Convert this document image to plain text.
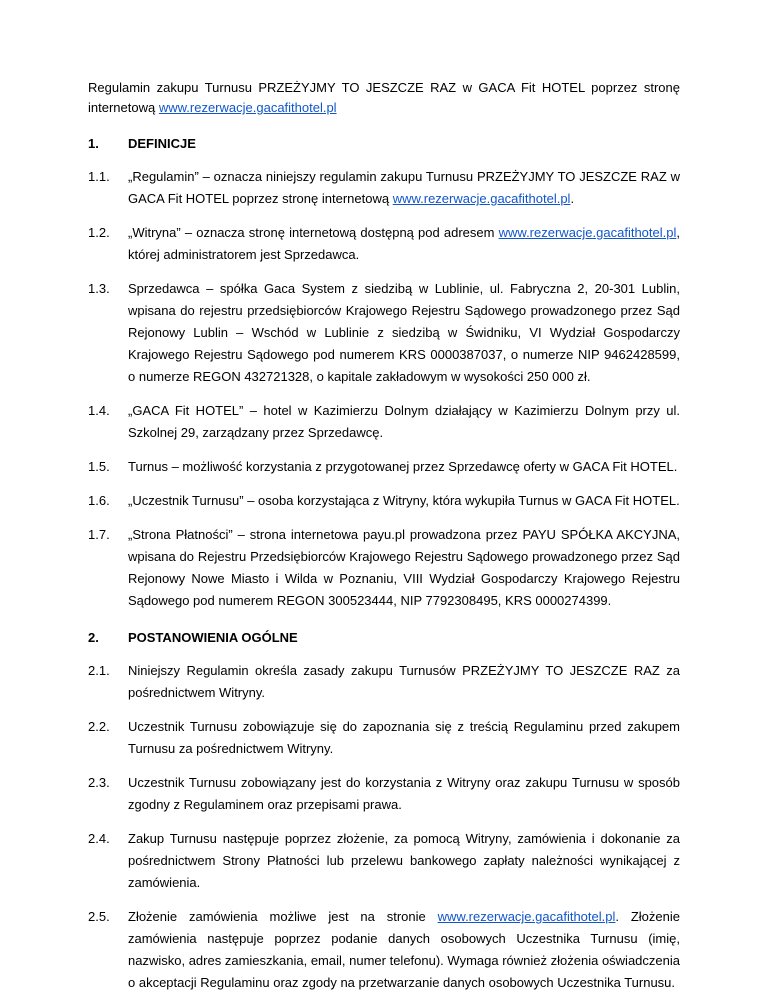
Regulamin zakupu Turnusu PRZEŻYJMY TO JESZCZE RAZ w GACA Fit HOTEL poprzez stronę internetową www.rezerwacje.gacafithotel.pl

1.	DEFINICJE
1.1.	„Regulamin” – oznacza niniejszy regulamin zakupu Turnusu PRZEŻYJMY TO JESZCZE RAZ w GACA Fit HOTEL poprzez stronę internetową www.rezerwacje.gacafithotel.pl.
1.2.	„Witryna” – oznacza stronę internetową dostępną pod adresem www.rezerwacje.gacafithotel.pl, której administratorem jest Sprzedawca.
1.3.	Sprzedawca – spółka Gaca System z siedzibą w Lublinie, ul. Fabryczna 2, 20-301 Lublin, wpisana do rejestru przedsiębiorców Krajowego Rejestru Sądowego prowadzonego przez Sąd Rejonowy Lublin – Wschód w Lublinie z siedzibą w Świdniku, VI Wydział Gospodarczy Krajowego Rejestru Sądowego pod numerem KRS 0000387037, o numerze NIP 9462428599, o numerze REGON 432721328, o kapitale zakładowym w wysokości 250 000 zł.
1.4.	„GACA Fit HOTEL” – hotel w Kazimierzu Dolnym działający w Kazimierzu Dolnym przy ul. Szkolnej 29, zarządzany przez Sprzedawcę.
1.5.	Turnus – możliwość korzystania z przygotowanej przez Sprzedawcę oferty w GACA Fit HOTEL.
1.6.	„Uczestnik Turnusu” – osoba korzystająca z Witryny, która wykupiła Turnus w GACA Fit HOTEL.
1.7.	„Strona Płatności” – strona internetowa payu.pl prowadzona przez PAYU SPÓŁKA AKCYJNA, wpisana do Rejestru Przedsiębiorców Krajowego Rejestru Sądowego prowadzonego przez Sąd Rejonowy Nowe Miasto i Wilda w Poznaniu, VIII Wydział Gospodarczy Krajowego Rejestru Sądowego pod numerem REGON 300523444, NIP 7792308495, KRS 0000274399.
2.	POSTANOWIENIA OGÓLNE
2.1.	Niniejszy Regulamin określa zasady zakupu Turnusów PRZEŻYJMY TO JESZCZE RAZ za pośrednictwem Witryny.
2.2.	Uczestnik Turnusu zobowiązuje się do zapoznania się z treścią Regulaminu przed zakupem Turnusu za pośrednictwem Witryny.
2.3.	Uczestnik Turnusu zobowiązany jest do korzystania z Witryny oraz zakupu Turnusu w sposób zgodny z Regulaminem oraz przepisami prawa.
2.4.	Zakup Turnusu następuje poprzez złożenie, za pomocą Witryny, zamówienia i dokonanie za pośrednictwem Strony Płatności lub przelewu bankowego zapłaty należności wynikającej z zamówienia.
2.5.	Złożenie zamówienia możliwe jest na stronie www.rezerwacje.gacafithotel.pl. Złożenie zamówienia następuje poprzez podanie danych osobowych Uczestnika Turnusu (imię, nazwisko, adres zamieszkania, email, numer telefonu). Wymaga również złożenia oświadczenia o akceptacji Regulaminu oraz zgody na przetwarzanie danych osobowych Uczestnika Turnusu.
